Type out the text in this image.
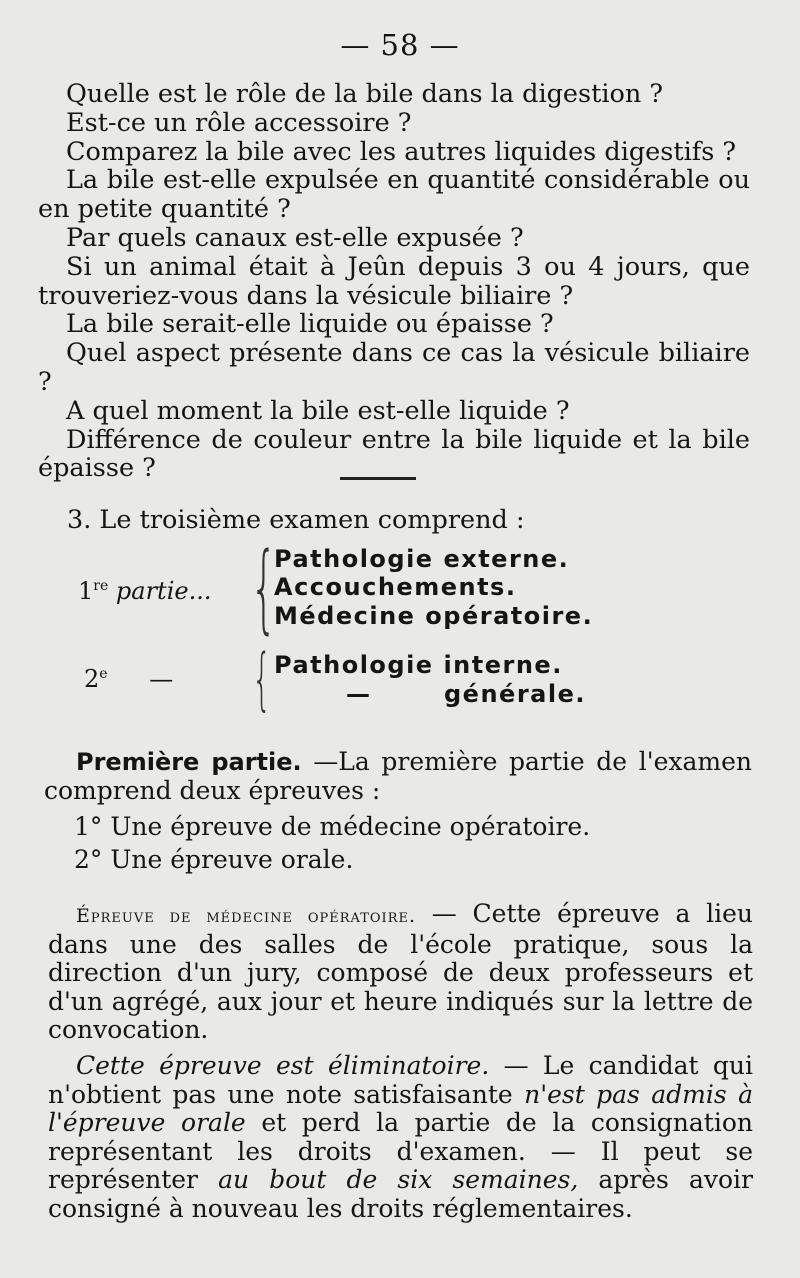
— 58 —

Quelle est le rôle de la bile dans la digestion ?

Est-ce un rôle accessoire ?

Comparez la bile avec les autres liquides digestifs ?

La bile est-elle expulsée en quantité considérable ou en petite quantité ?

Par quels canaux est-elle expusée ?

Si un animal était à Jeûn depuis 3 ou 4 jours, que trouveriez-vous dans la vésicule biliaire ?

La bile serait-elle liquide ou épaisse ?

Quel aspect présente dans ce cas la vésicule biliaire ?

A quel moment la bile est-elle liquide ?

Différence de couleur entre la bile liquide et la bile épaisse ?

3. Le troisième examen comprend :
1re partie... {
Pathologie externe.
Accouchements.
Médecine opératoire.
2e — { Pathologie interne.
—	générale.

Première partie. —La première partie de l'examen comprend deux épreuves :

1° Une épreuve de médecine opératoire.
2° Une épreuve orale.

Épreuve de médecine opératoire. — Cette épreuve a lieu dans une des salles de l'école pratique, sous la direction d'un jury, composé de deux professeurs et d'un agrégé, aux jour et heure indiqués sur la lettre de convocation.

Cette épreuve est éliminatoire. — Le candidat qui n'obtient pas une note satisfaisante n'est pas admis à l'épreuve orale et perd la partie de la consignation représentant les droits d'examen. — Il peut se représenter au bout de six semaines, après avoir consigné à nouveau les droits réglementaires.
